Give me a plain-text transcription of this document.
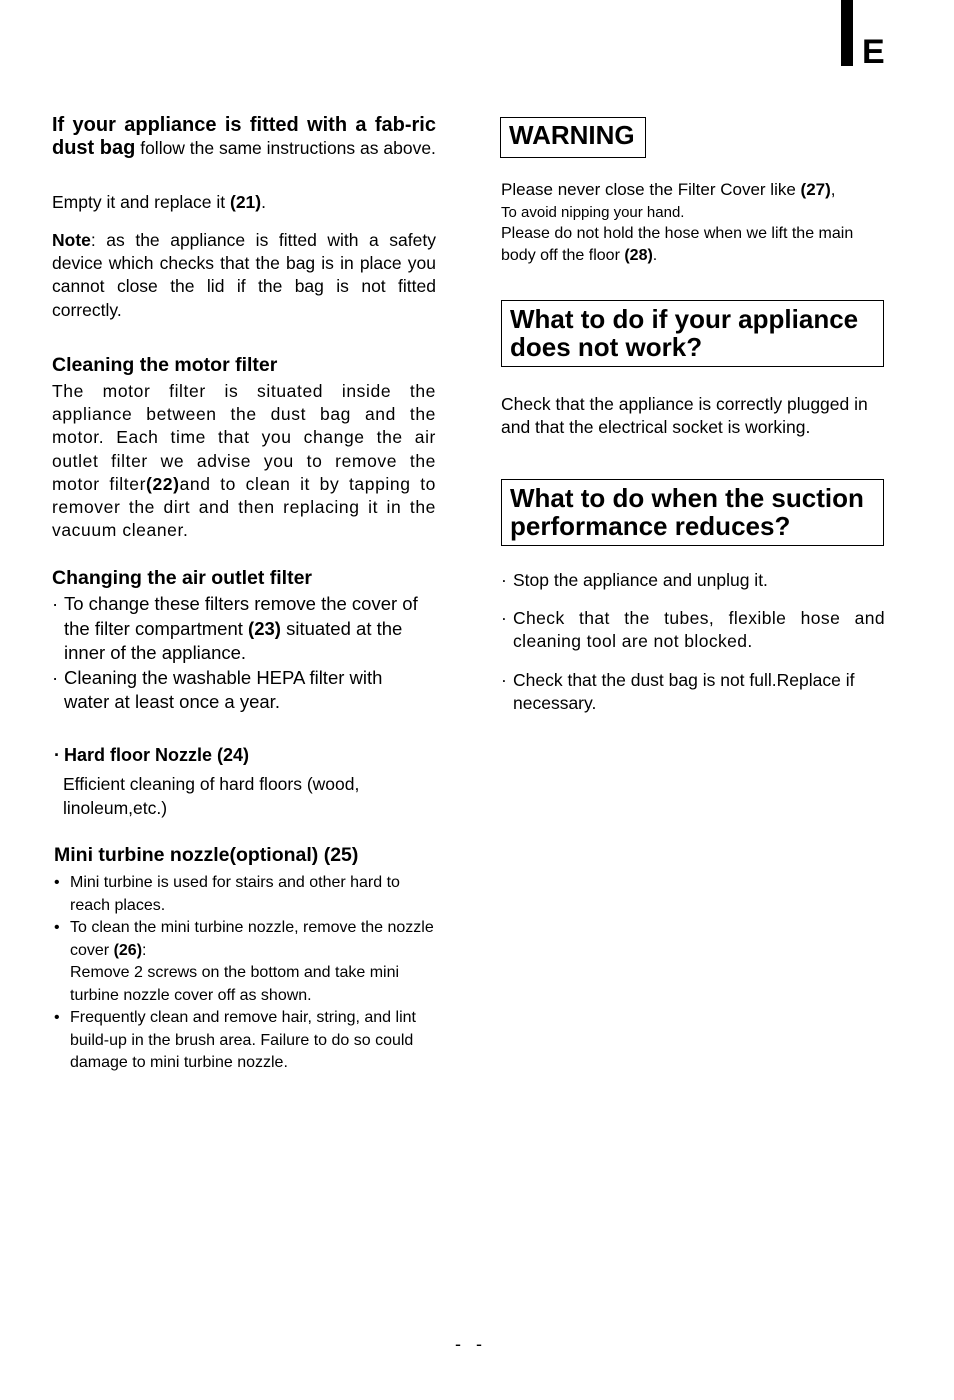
E

If your appliance is fitted with a fab-ric dust bag follow the same instructions as above.

Empty it and replace it (21).

Note: as the appliance is fitted with a safety device which checks that the bag is in place you cannot close the lid if the bag is not fitted correctly.

Cleaning the motor filter

The motor filter is situated inside the appliance between the dust bag and the motor. Each time that you change the air outlet filter we advise you to remove the motor filter(22)and to clean it by tapping to remover the dirt and then replacing it in the vacuum cleaner.

Changing the air outlet filter
· To change these filters remove the cover of the filter compartment (23) situated at the inner of the appliance.
· Cleaning the washable HEPA filter with water at least once a year.
· Hard floor Nozzle (24)

Efficient cleaning of hard floors (wood, linoleum,etc.)

Mini turbine nozzle(optional) (25)
• Mini turbine is used for stairs and other hard to reach places.
• To clean the mini turbine nozzle, remove the nozzle cover (26):
Remove 2 screws on the bottom and take mini turbine nozzle cover off as shown.
• Frequently clean and remove hair, string, and lint build-up in the brush area. Failure to do so could damage to mini turbine nozzle.
WARNING

Please never close the Filter Cover like (27),

To avoid nipping your hand.

Please do not hold the hose when we lift the main body off the floor (28).

What to do if your appliance does not work?

Check that the appliance is correctly plugged in and that the electrical socket is working.

What to do when the suction performance reduces?
· Stop the appliance and unplug it.
· Check that the tubes, flexible hose and cleaning tool are not blocked.
· Check that the dust bag is not full.Replace if necessary.
-   -
